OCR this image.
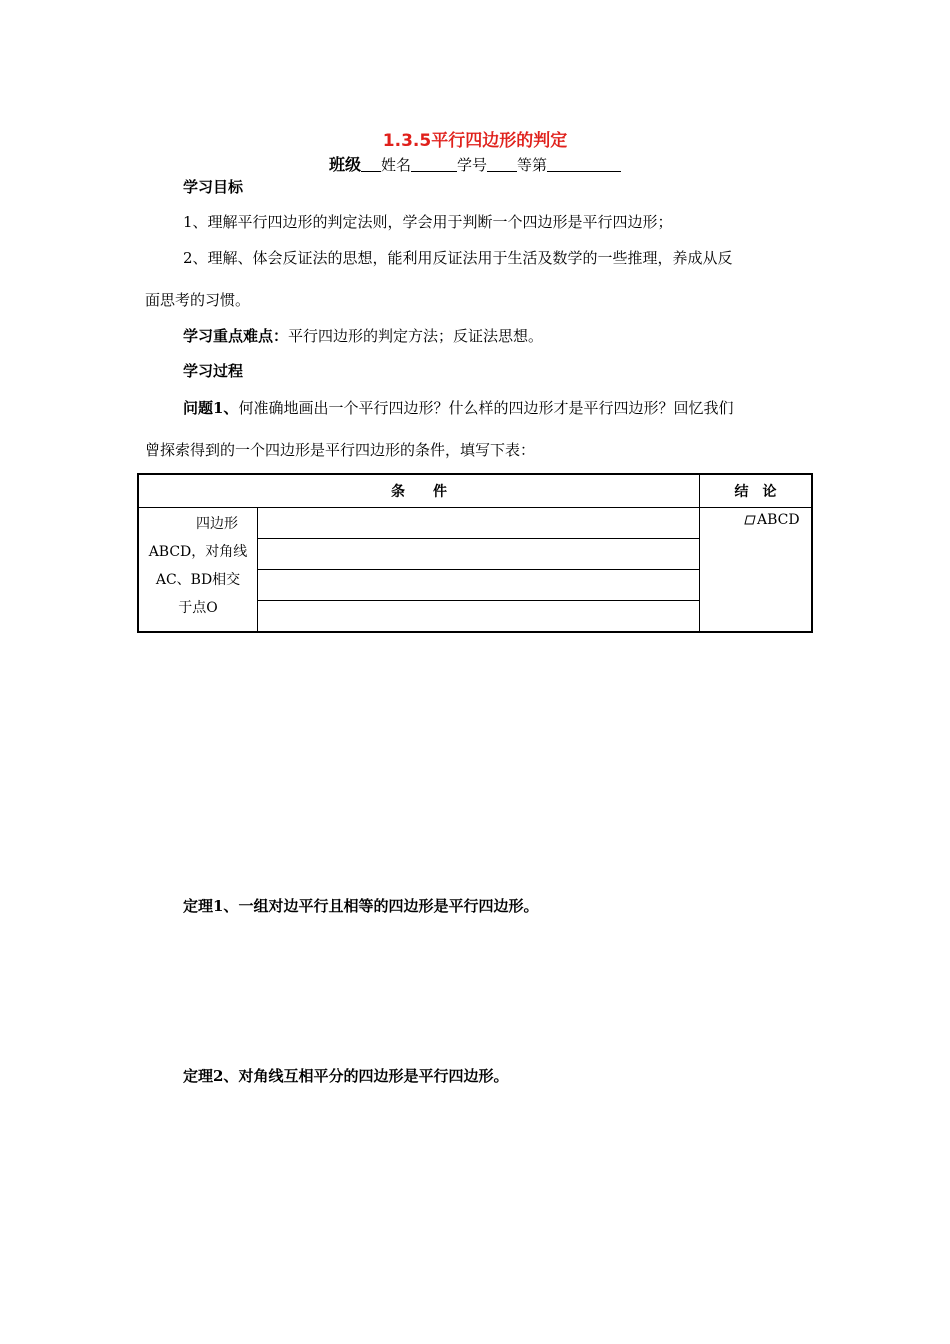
1.3.5平行四边形的判定
班级 姓名	学号 等第
学习目标
1、理解平行四边形的判定法则，学会用于判断一个四边形是平行四边形；
2、理解、体会反证法的思想，能利用反证法用于生活及数学的一些推理，养成从反
面思考的习惯。
学习重点难点：平行四边形的判定方法；反证法思想。
学习过程
问题1、何准确地画出一个平行四边形？什么样的四边形才是平行四边形？回忆我们
曾探索得到的一个四边形是平行四边形的条件，填写下表：
条　　件		结　论

四边形
ABCD，对角线
AC、BD相交
于点O		ABCD

定理1、一组对边平行且相等的四边形是平行四边形。
定理2、对角线互相平分的四边形是平行四边形。
